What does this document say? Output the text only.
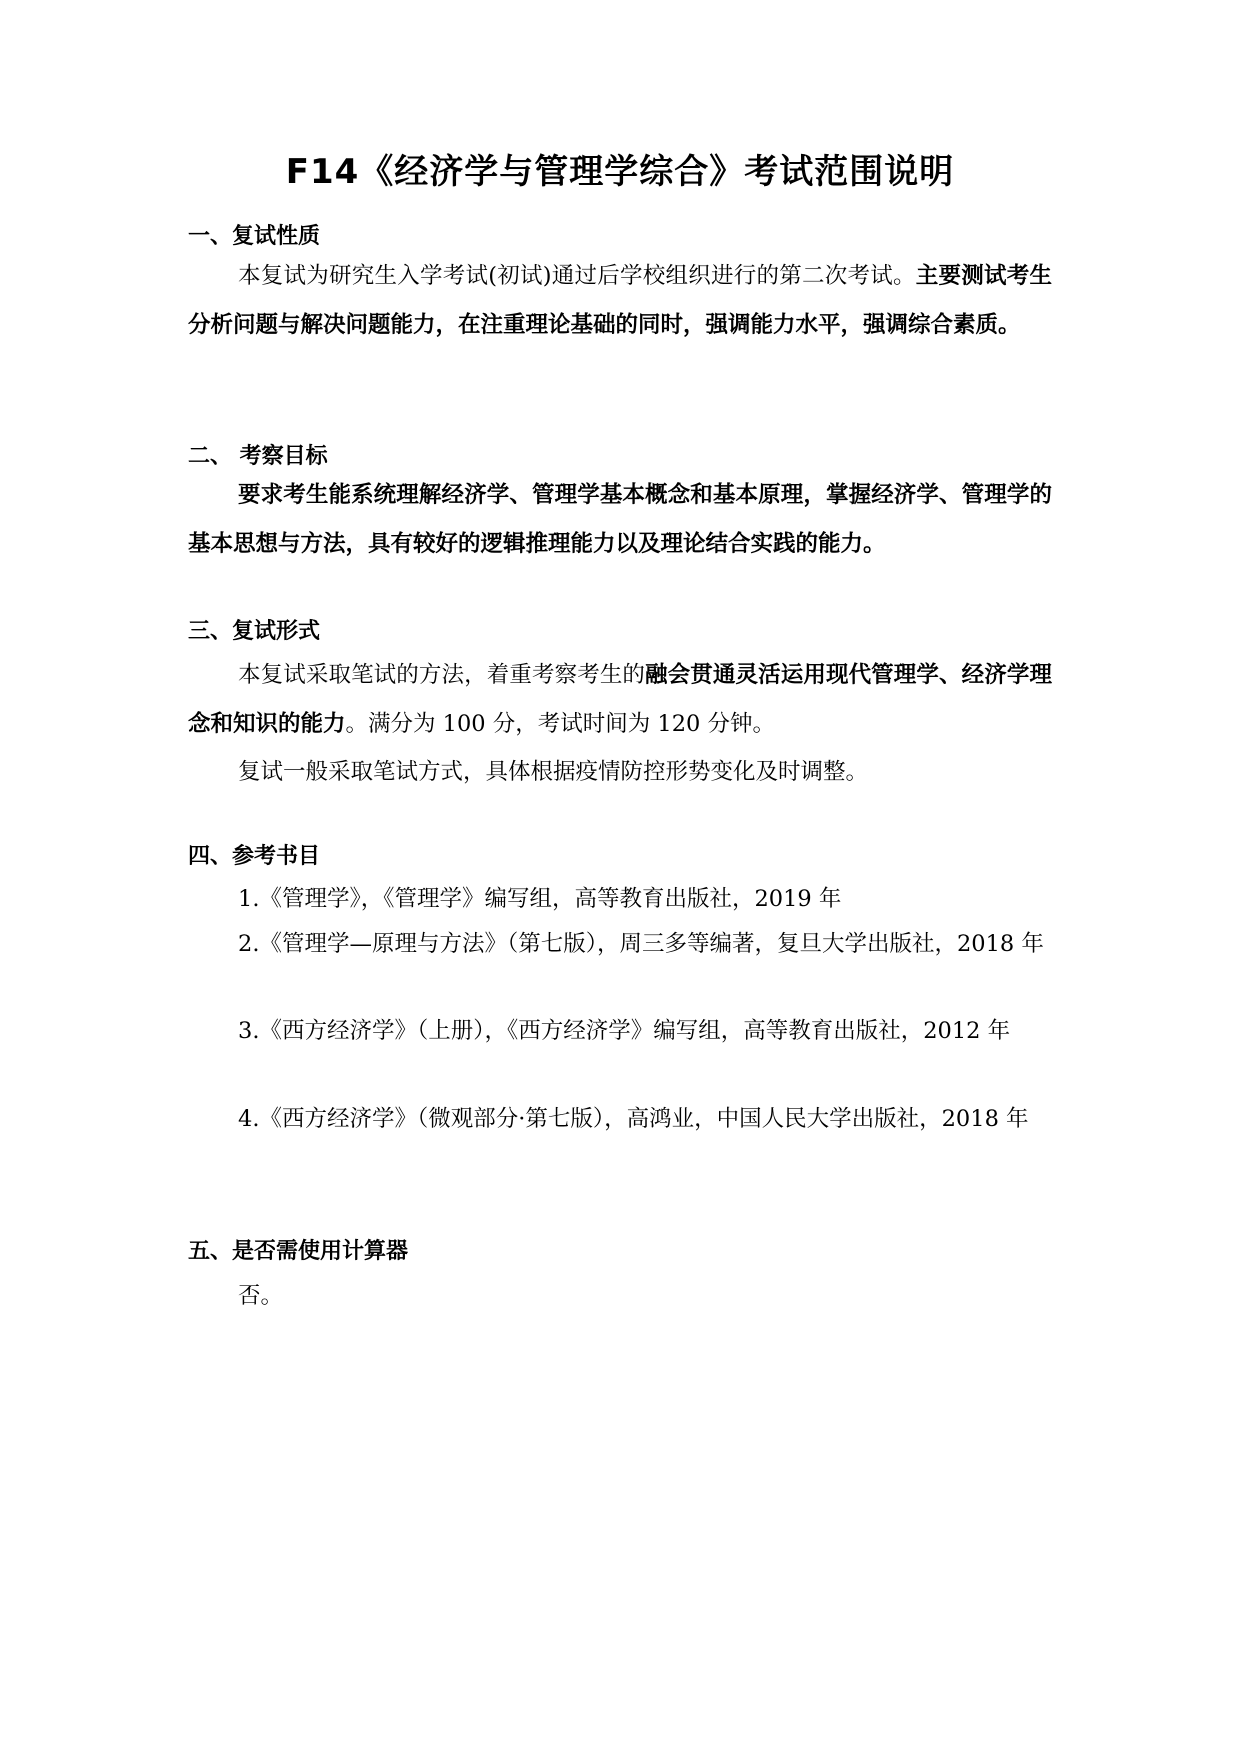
F14《经济学与管理学综合》考试范围说明
一、复试性质

本复试为研究生入学考试(初试)通过后学校组织进行的第二次考试。主要测试考生分析问题与解决问题能力，在注重理论基础的同时，强调能力水平，强调综合素质。

二、 考察目标

要求考生能系统理解经济学、管理学基本概念和基本原理，掌握经济学、管理学的基本思想与方法，具有较好的逻辑推理能力以及理论结合实践的能力。

三、复试形式

本复试采取笔试的方法，着重考察考生的融会贯通灵活运用现代管理学、经济学理念和知识的能力。满分为 100 分，考试时间为 120 分钟。

复试一般采取笔试方式，具体根据疫情防控形势变化及时调整。

四、参考书目

1.《管理学》，《管理学》编写组，高等教育出版社，2019 年

2.《管理学—原理与方法》（第七版），周三多等编著，复旦大学出版社，2018 年

3.《西方经济学》（上册），《西方经济学》编写组，高等教育出版社，2012 年

4.《西方经济学》（微观部分·第七版），高鸿业，中国人民大学出版社，2018 年

五、是否需使用计算器

否。
